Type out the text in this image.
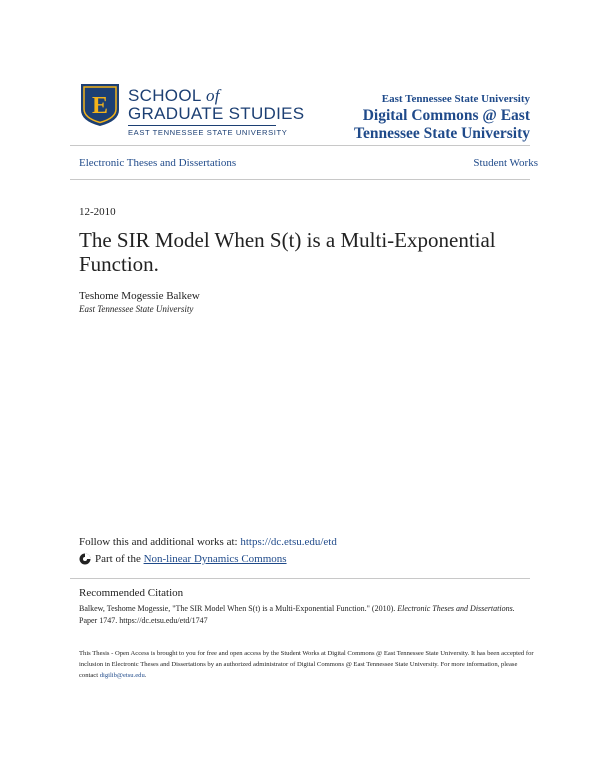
E SCHOOL of
GRADUATE STUDIES
EAST TENNESSEE STATE UNIVERSITY
East Tennessee State University
Digital Commons @ East
Tennessee State University
Electronic Theses and Dissertations	Student Works
12-2010
The SIR Model When S(t) is a Multi-Exponential Function.
Teshome Mogessie Balkew
East Tennessee State University
Follow this and additional works at: https://dc.etsu.edu/etd
Part of the Non-linear Dynamics Commons
Recommended Citation
Balkew, Teshome Mogessie, "The SIR Model When S(t) is a Multi-Exponential Function." (2010). Electronic Theses and Dissertations. Paper 1747. https://dc.etsu.edu/etd/1747
This Thesis - Open Access is brought to you for free and open access by the Student Works at Digital Commons @ East Tennessee State University. It has been accepted for inclusion in Electronic Theses and Dissertations by an authorized administrator of Digital Commons @ East Tennessee State University. For more information, please contact digilib@etsu.edu.
